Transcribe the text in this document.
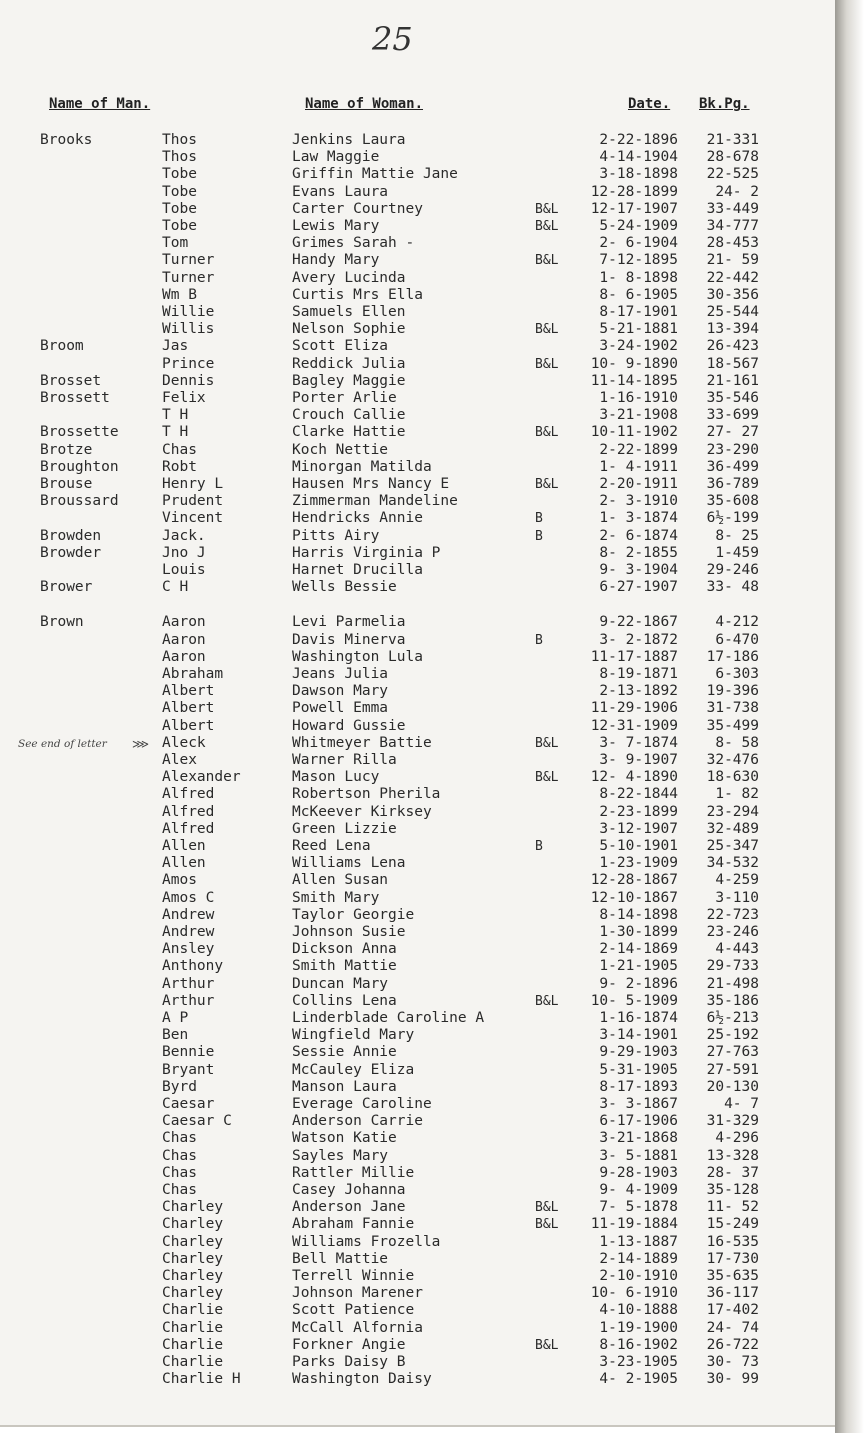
25
Name of Man.	Name of Woman.	Date. Bk.Pg.
See end of letter ⋙
Brooks	Thos	Jenkins Laura	2-22-1896 21-331
Thos	Law Maggie	4-14-1904 28-678
Tobe	Griffin Mattie Jane	3-18-1898 22-525
Tobe	Evans Laura	12-28-1899	24- 2
Tobe	Carter Courtney	B&L 12-17-1907 33-449
Tobe	Lewis Mary	B&L	5-24-1909 34-777
Tom	Grimes Sarah -	2- 6-1904 28-453
Turner	Handy Mary	B&L	7-12-1895 21- 59
Turner	Avery Lucinda	1- 8-1898 22-442
Wm B	Curtis Mrs Ella	8- 6-1905 30-356
Willie	Samuels Ellen	8-17-1901 25-544
Willis	Nelson Sophie	B&L	5-21-1881 13-394
Broom	Jas	Scott Eliza	3-24-1902 26-423
Prince	Reddick Julia	B&L 10- 9-1890 18-567
Brosset	Dennis	Bagley Maggie	11-14-1895 21-161
Brossett	Felix	Porter Arlie	1-16-1910 35-546
T H	Crouch Callie	3-21-1908 33-699
Brossette	T H	Clarke Hattie	B&L 10-11-1902 27- 27
Brotze	Chas	Koch Nettie	2-22-1899 23-290
Broughton	Robt	Minorgan Matilda	1- 4-1911 36-499
Brouse	Henry L	Hausen Mrs Nancy E	B&L	2-20-1911 36-789
Broussard	Prudent	Zimmerman Mandeline	2- 3-1910 35-608
Vincent	Hendricks Annie	B	1- 3-1874 6½-199
Browden	Jack.	Pitts Airy	B	2- 6-1874	8- 25
Browder	Jno J	Harris Virginia P	8- 2-1855	1-459
Louis	Harnet Drucilla	9- 3-1904 29-246
Brower	C H	Wells Bessie	6-27-1907 33- 48
Brown	Aaron	Levi Parmelia	9-22-1867	4-212
Aaron	Davis Minerva	B	3- 2-1872	6-470
Aaron	Washington Lula	11-17-1887 17-186
Abraham	Jeans Julia	8-19-1871	6-303
Albert	Dawson Mary	2-13-1892 19-396
Albert	Powell Emma	11-29-1906 31-738
Albert	Howard Gussie	12-31-1909 35-499
Aleck	Whitmeyer Battie	B&L	3- 7-1874	8- 58
Alex	Warner Rilla	3- 9-1907 32-476
Alexander	Mason Lucy	B&L 12- 4-1890 18-630
Alfred	Robertson Pherila	8-22-1844	1- 82
Alfred	McKeever Kirksey	2-23-1899 23-294
Alfred	Green Lizzie	3-12-1907 32-489
Allen	Reed Lena	B	5-10-1901 25-347
Allen	Williams Lena	1-23-1909 34-532
Amos	Allen Susan	12-28-1867	4-259
Amos C	Smith Mary	12-10-1867	3-110
Andrew	Taylor Georgie	8-14-1898 22-723
Andrew	Johnson Susie	1-30-1899 23-246
Ansley	Dickson Anna	2-14-1869	4-443
Anthony	Smith Mattie	1-21-1905 29-733
Arthur	Duncan Mary	9- 2-1896 21-498
Arthur	Collins Lena	B&L 10- 5-1909 35-186
A P	Linderblade Caroline A	1-16-1874 6½-213
Ben	Wingfield Mary	3-14-1901 25-192
Bennie	Sessie Annie	9-29-1903 27-763
Bryant	McCauley Eliza	5-31-1905 27-591
Byrd	Manson Laura	8-17-1893 20-130
Caesar	Everage Caroline	3- 3-1867	4- 7
Caesar C	Anderson Carrie	6-17-1906 31-329
Chas	Watson Katie	3-21-1868	4-296
Chas	Sayles Mary	3- 5-1881 13-328
Chas	Rattler Millie	9-28-1903 28- 37
Chas	Casey Johanna	9- 4-1909 35-128
Charley	Anderson Jane	B&L	7- 5-1878 11- 52
Charley	Abraham Fannie	B&L 11-19-1884 15-249
Charley	Williams Frozella	1-13-1887 16-535
Charley	Bell Mattie	2-14-1889 17-730
Charley	Terrell Winnie	2-10-1910 35-635
Charley	Johnson Marener	10- 6-1910 36-117
Charlie	Scott Patience	4-10-1888 17-402
Charlie	McCall Alfornia	1-19-1900 24- 74
Charlie	Forkner Angie	B&L	8-16-1902 26-722
Charlie	Parks Daisy B	3-23-1905 30- 73
Charlie H	Washington Daisy	4- 2-1905 30- 99
